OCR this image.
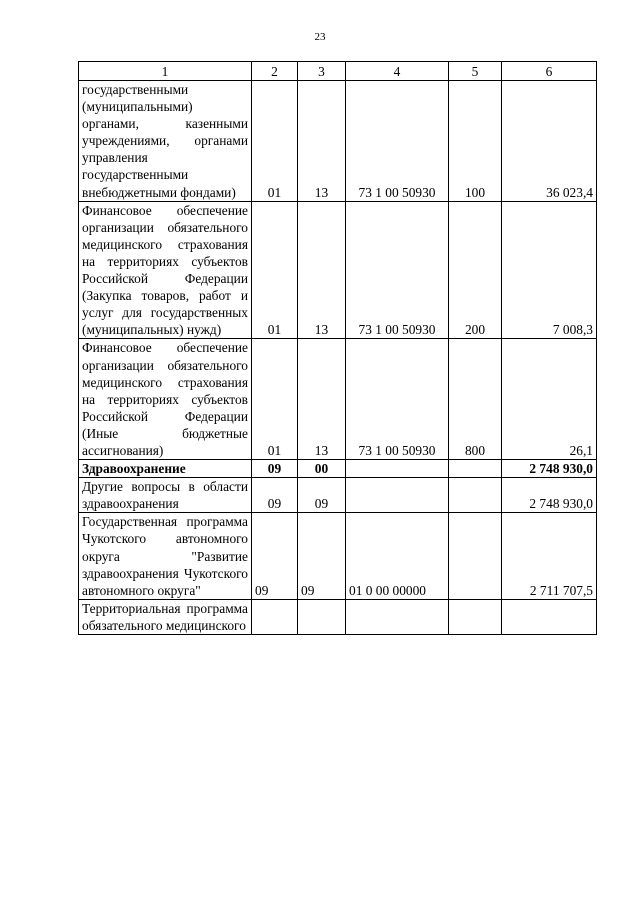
23
1	2	3	4	5	6
государственными (муниципальными) органами, казенными учреждениями, органами управления государственными внебюджетными фондами)	01	13	73 1 00 50930	100	36 023,4
Финансовое обеспечение организации обязательного медицинского страхования на территориях субъектов Российской Федерации (Закупка товаров, работ и услуг для государственных (муниципальных) нужд)	01	13	73 1 00 50930	200	7 008,3
Финансовое обеспечение организации обязательного медицинского страхования на территориях субъектов Российской Федерации (Иные бюджетные ассигнования)	01	13	73 1 00 50930	800	26,1
Здравоохранение	09	00			2 748 930,0
Другие вопросы в области здравоохранения	09	09			2 748 930,0
Государственная программа Чукотского автономного округа "Развитие здравоохранения Чукотского автономного округа"	09	09	01 0 00 00000		2 711 707,5
Территориальная программа обязательного медицинского					
